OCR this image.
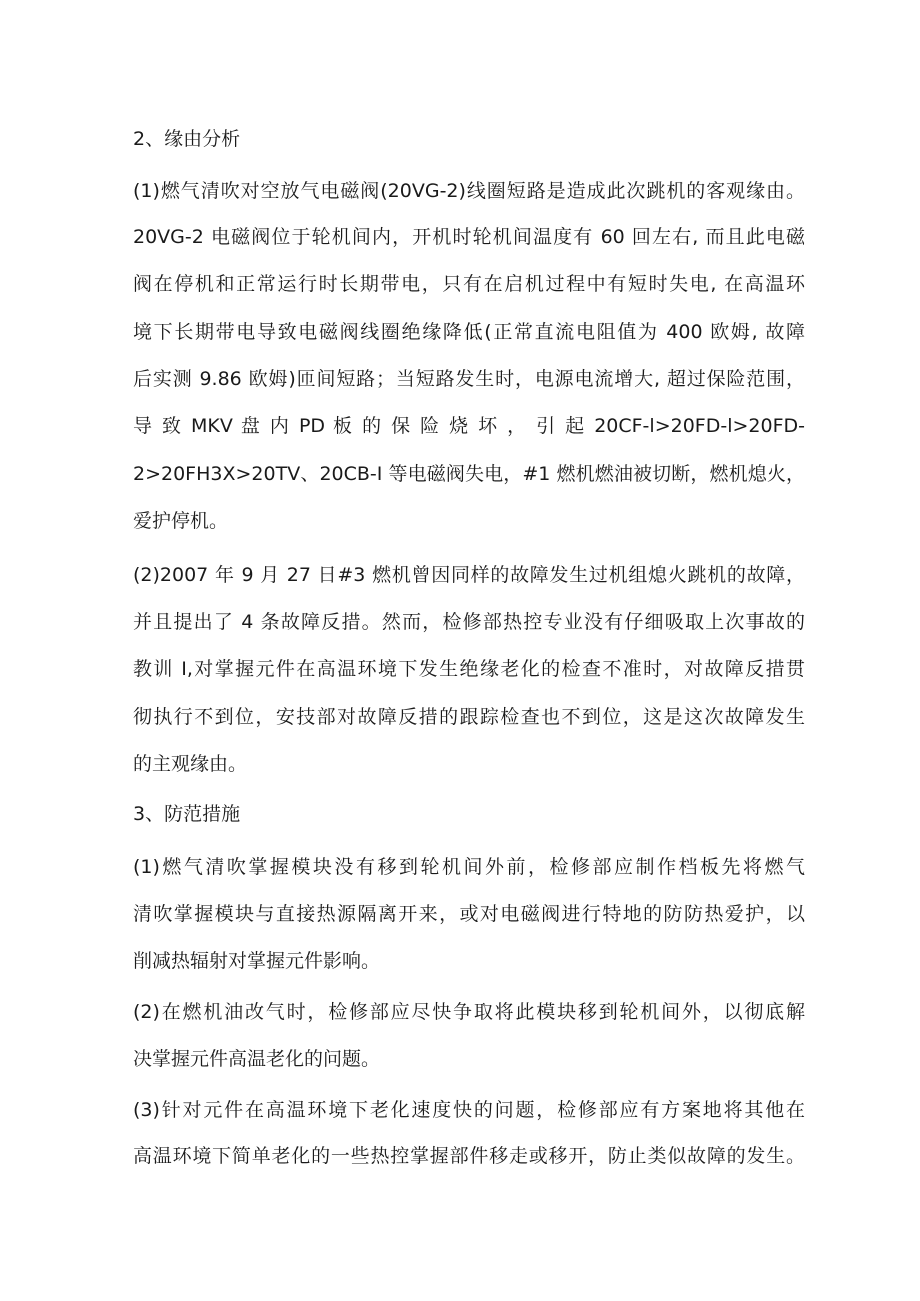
2、缘由分析
(1)燃气清吹对空放气电磁阀(20VG-2)线圈短路是造成此次跳机的客观缘由。
20VG-2 电磁阀位于轮机间内，开机时轮机间温度有 60 回左右, 而且此电磁
阀在停机和正常运行时长期带电，只有在启机过程中有短时失电, 在高温环
境下长期带电导致电磁阀线圈绝缘降低(正常直流电阻值为 400 欧姆, 故障
后实测 9.86 欧姆)匝间短路；当短路发生时，电源电流增大, 超过保险范围，
导 致 MKV 盘 内 PD 板 的 保 险 烧 坏 ， 引 起 20CF-l>20FD-l>20FD-
2>20FH3X>20TV、20CB-I 等电磁阀失电，#1 燃机燃油被切断，燃机熄火，
爱护停机。
(2)2007 年 9 月 27 日#3 燃机曾因同样的故障发生过机组熄火跳机的故障，
并且提出了 4 条故障反措。然而，检修部热控专业没有仔细吸取上次事故的
教训 I,对掌握元件在高温环境下发生绝缘老化的检查不准时，对故障反措贯
彻执行不到位，安技部对故障反措的跟踪检查也不到位，这是这次故障发生
的主观缘由。
3、防范措施
(1)燃气清吹掌握模块没有移到轮机间外前，检修部应制作档板先将燃气
清吹掌握模块与直接热源隔离开来，或对电磁阀进行特地的防防热爱护，以
削减热辐射对掌握元件影响。
(2)在燃机油改气时，检修部应尽快争取将此模块移到轮机间外，以彻底解
决掌握元件高温老化的问题。
(3)针对元件在高温环境下老化速度快的问题，检修部应有方案地将其他在
高温环境下简单老化的一些热控掌握部件移走或移开，防止类似故障的发生。
